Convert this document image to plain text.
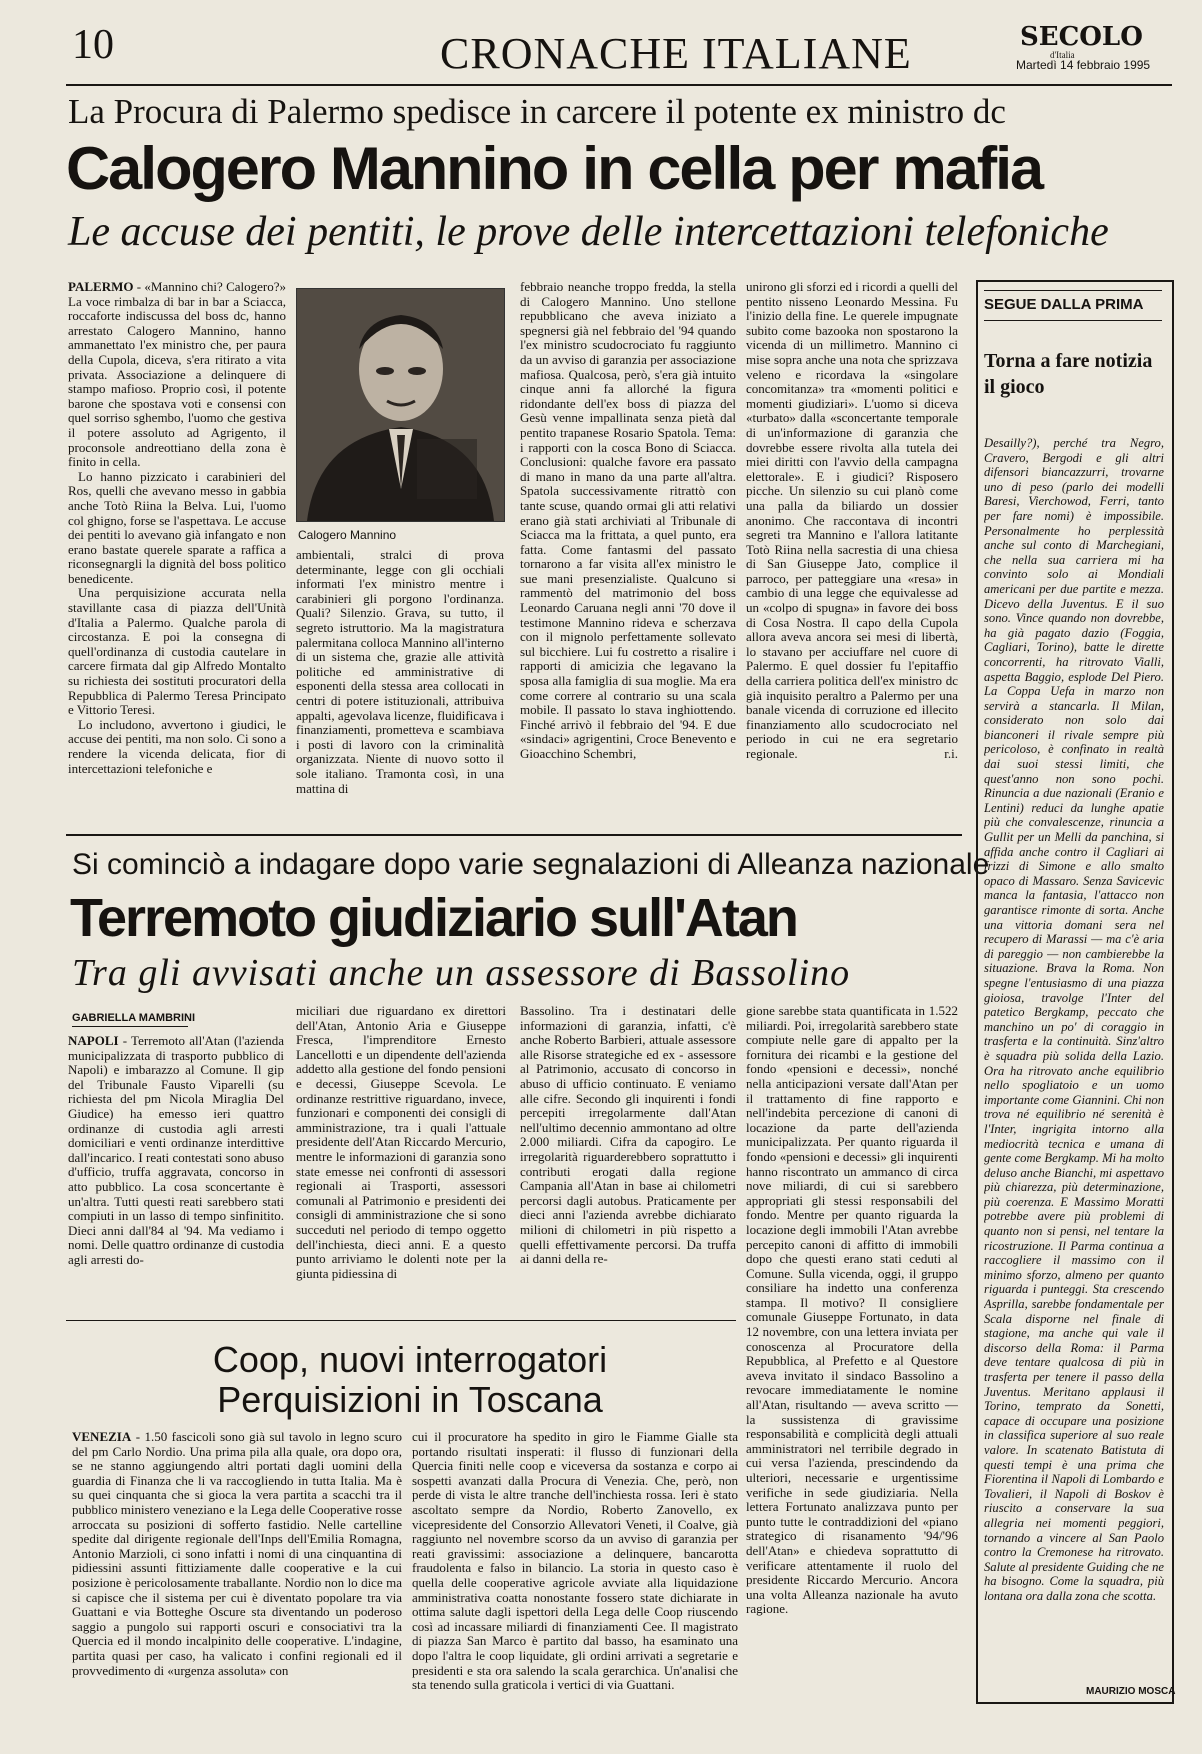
10	CRONACHE ITALIANE	SECOLO
d'Italia
Martedì 14 febbraio 1995
La Procura di Palermo spedisce in carcere il potente ex ministro dc
Calogero Mannino in cella per mafia
Le accuse dei pentiti, le prove delle intercettazioni telefoniche
PALERMO - «Mannino chi? Calogero?» La voce rimbalza di bar in bar a Sciacca, roccaforte indiscussa del boss dc, hanno arrestato Calogero Mannino, hanno ammanettato l'ex ministro che, per paura della Cupola, diceva, s'era ritirato a vita privata. Associazione a delinquere di stampo mafioso. Proprio così, il potente barone che spostava voti e consensi con quel sorriso sghembo, l'uomo che gestiva il potere assoluto ad Agrigento, il proconsole andreottiano della zona è finito in cella.
Lo hanno pizzicato i carabinieri del Ros, quelli che avevano messo in gabbia anche Totò Riina la Belva. Lui, l'uomo col ghigno, forse se l'aspettava. Le accuse dei pentiti lo avevano già infangato e non erano bastate querele sparate a raffica a riconsegnargli la dignità del boss politico benedicente.
Una perquisizione accurata nella stavillante casa di piazza dell'Unità d'Italia a Palermo. Qualche parola di circostanza. E poi la consegna di quell'ordinanza di custodia cautelare in carcere firmata dal gip Alfredo Montalto su richiesta dei sostituti procuratori della Repubblica di Palermo Teresa Principato e Vittorio Teresi.
Lo includono, avvertono i giudici, le accuse dei pentiti, ma non solo. Ci sono a rendere la vicenda delicata, fior di intercettazioni telefoniche e
Calogero Mannino
ambientali, stralci di prova determinante, legge con gli occhiali informati l'ex ministro mentre i carabinieri gli porgono l'ordinanza. Quali? Silenzio. Grava, su tutto, il segreto istruttorio. Ma la magistratura palermitana colloca Mannino all'interno di un sistema che, grazie alle attività politiche ed amministrative di esponenti della stessa area collocati in centri di potere istituzionali, attribuiva appalti, agevolava licenze, fluidificava i finanziamenti, prometteva e scambiava i posti di lavoro con la criminalità organizzata. Niente di nuovo sotto il sole italiano. Tramonta così, in una mattina di
febbraio neanche troppo fredda, la stella di Calogero Mannino. Uno stellone repubblicano che aveva iniziato a spegnersi già nel febbraio del '94 quando l'ex ministro scudocrociato fu raggiunto da un avviso di garanzia per associazione mafiosa. Qualcosa, però, s'era già intuito cinque anni fa allorché la figura ridondante dell'ex boss di piazza del Gesù venne impallinata senza pietà dal pentito trapanese Rosario Spatola. Tema: i rapporti con la cosca Bono di Sciacca. Conclusioni: qualche favore era passato di mano in mano da una parte all'altra. Spatola successivamente ritrattò con tante scuse, quando ormai gli atti relativi erano già stati archiviati al Tribunale di Sciacca ma la frittata, a quel punto, era fatta. Come fantasmi del passato tornarono a far visita all'ex ministro le sue mani presenzialiste. Qualcuno si rammentò del matrimonio del boss Leonardo Caruana negli anni '70 dove il testimone Mannino rideva e scherzava con il mignolo perfettamente sollevato sul bicchiere. Lui fu costretto a risalire i rapporti di amicizia che legavano la sposa alla famiglia di sua moglie. Ma era come correre al contrario su una scala mobile. Il passato lo stava inghiottendo. Finché arrivò il febbraio del '94. E due «sindaci» agrigentini, Croce Benevento e Gioacchino Schembri,
unirono gli sforzi ed i ricordi a quelli del pentito nisseno Leonardo Messina. Fu l'inizio della fine. Le querele impugnate subito come bazooka non spostarono la vicenda di un millimetro. Mannino ci mise sopra anche una nota che sprizzava veleno e ricordava la «singolare concomitanza» tra «momenti politici e momenti giudiziari». L'uomo si diceva «turbato» dalla «sconcertante temporale di un'informazione di garanzia che dovrebbe essere rivolta alla tutela dei miei diritti con l'avvio della campagna elettorale». E i giudici? Risposero picche. Un silenzio su cui planò come una palla da biliardo un dossier anonimo. Che raccontava di incontri segreti tra Mannino e l'allora latitante Totò Riina nella sacrestia di una chiesa di San Giuseppe Jato, complice il parroco, per patteggiare una «resa» in cambio di una legge che equivalesse ad un «colpo di spugna» in favore dei boss di Cosa Nostra. Il capo della Cupola allora aveva ancora sei mesi di libertà, lo stavano per acciuffare nel cuore di Palermo. E quel dossier fu l'epitaffio della carriera politica dell'ex ministro dc già inquisito peraltro a Palermo per una banale vicenda di corruzione ed illecito finanziamento allo scudocrociato nel periodo in cui ne era segretario regionale.	r.i.
SEGUE DALLA PRIMA
Torna a fare notizia il gioco
Desailly?), perché tra Negro, Cravero, Bergodi e gli altri difensori biancazzurri, trovarne uno di peso (parlo dei modelli Baresi, Vierchowod, Ferri, tanto per fare nomi) è impossibile. Personalmente ho perplessità anche sul conto di Marchegiani, che nella sua carriera mi ha convinto solo ai Mondiali americani per due partite e mezza. Dicevo della Juventus. E il suo sono. Vince quando non dovrebbe, ha già pagato dazio (Foggia, Cagliari, Torino), batte le dirette concorrenti, ha ritrovato Vialli, aspetta Baggio, esplode Del Piero. La Coppa Uefa in marzo non servirà a stancarla. Il Milan, considerato non solo dai bianconeri il rivale sempre più pericoloso, è confinato in realtà dai suoi stessi limiti, che quest'anno non sono pochi. Rinuncia a due nazionali (Eranio e Lentini) reduci da lunghe apatie più che convalescenze, rinuncia a Gullit per un Melli da panchina, si affida anche contro il Cagliari ai frizzi di Simone e allo smalto opaco di Massaro. Senza Savicevic manca la fantasia, l'attacco non garantisce rimonte di sorta. Anche una vittoria domani sera nel recupero di Marassi — ma c'è aria di pareggio — non cambierebbe la situazione. Brava la Roma. Non spegne l'entusiasmo di una piazza gioiosa, travolge l'Inter del patetico Bergkamp, peccato che manchino un po' di coraggio in trasferta e la continuità. Sinz'altro è squadra più solida della Lazio. Ora ha ritrovato anche equilibrio nello spogliatoio e un uomo importante come Giannini. Chi non trova né equilibrio né serenità è l'Inter, ingrigita intorno alla mediocrità tecnica e umana di gente come Bergkamp. Mi ha molto deluso anche Bianchi, mi aspettavo più chiarezza, più determinazione, più coerenza. E Massimo Moratti potrebbe avere più problemi di quanto non si pensi, nel tentare la ricostruzione. Il Parma continua a raccogliere il massimo con il minimo sforzo, almeno per quanto riguarda i punteggi. Sta crescendo Asprilla, sarebbe fondamentale per Scala disporne nel finale di stagione, ma anche qui vale il discorso della Roma: il Parma deve tentare qualcosa di più in trasferta per tenere il passo della Juventus. Meritano applausi il Torino, temprato da Sonetti, capace di occupare una posizione in classifica superiore al suo reale valore. In scatenato Batistuta di questi tempi è una prima che Fiorentina il Napoli di Lombardo e Tovalieri, il Napoli di Boskov è riuscito a conservare la sua allegria nei momenti peggiori, tornando a vincere al San Paolo contro la Cremonese ha ritrovato. Salute al presidente Guiding che ne ha bisogno. Come la squadra, più lontana ora dalla zona che scotta.
MAURIZIO MOSCA
Si cominciò a indagare dopo varie segnalazioni di Alleanza nazionale
Terremoto giudiziario sull'Atan
Tra gli avvisati anche un assessore di Bassolino
GABRIELLA MAMBRINI
NAPOLI - Terremoto all'Atan (l'azienda municipalizzata di trasporto pubblico di Napoli) e imbarazzo al Comune. Il gip del Tribunale Fausto Viparelli (su richiesta del pm Nicola Miraglia Del Giudice) ha emesso ieri quattro ordinanze di custodia agli arresti domiciliari e venti ordinanze interdittive dall'incarico. I reati contestati sono abuso d'ufficio, truffa aggravata, concorso in atto pubblico. La cosa sconcertante è un'altra. Tutti questi reati sarebbero stati compiuti in un lasso di tempo sinfinitito. Dieci anni dall'84 al '94. Ma vediamo i nomi. Delle quattro ordinanze di custodia agli arresti do-
miciliari due riguardano ex direttori dell'Atan, Antonio Aria e Giuseppe Fresca, l'imprenditore Ernesto Lancellotti e un dipendente dell'azienda addetto alla gestione del fondo pensioni e decessi, Giuseppe Scevola. Le ordinanze restrittive riguardano, invece, funzionari e componenti dei consigli di amministrazione, tra i quali l'attuale presidente dell'Atan Riccardo Mercurio, mentre le informazioni di garanzia sono state emesse nei confronti di assessori regionali ai Trasporti, assessori comunali al Patrimonio e presidenti dei consigli di amministrazione che si sono succeduti nel periodo di tempo oggetto dell'inchiesta, dieci anni. E a questo punto arriviamo le dolenti note per la giunta pidiessina di
Bassolino. Tra i destinatari delle informazioni di garanzia, infatti, c'è anche Roberto Barbieri, attuale assessore alle Risorse strategiche ed ex - assessore al Patrimonio, accusato di concorso in abuso di ufficio continuato. E veniamo alle cifre. Secondo gli inquirenti i fondi percepiti irregolarmente dall'Atan nell'ultimo decennio ammontano ad oltre 2.000 miliardi. Cifra da capogiro. Le irregolarità riguarderebbero soprattutto i contributi erogati dalla regione Campania all'Atan in base ai chilometri percorsi dagli autobus. Praticamente per dieci anni l'azienda avrebbe dichiarato milioni di chilometri in più rispetto a quelli effettivamente percorsi. Da truffa ai danni della re-
gione sarebbe stata quantificata in 1.522 miliardi. Poi, irregolarità sarebbero state compiute nelle gare di appalto per la fornitura dei ricambi e la gestione del fondo «pensioni e decessi», nonché nella anticipazioni versate dall'Atan per il trattamento di fine rapporto e nell'indebita percezione di canoni di locazione da parte dell'azienda municipalizzata. Per quanto riguarda il fondo «pensioni e decessi» gli inquirenti hanno riscontrato un ammanco di circa nove miliardi, di cui si sarebbero appropriati gli stessi responsabili del fondo. Mentre per quanto riguarda la locazione degli immobili l'Atan avrebbe percepito canoni di affitto di immobili dopo che questi erano stati ceduti al Comune. Sulla vicenda, oggi, il gruppo consiliare ha indetto una conferenza stampa. Il motivo? Il consigliere comunale Giuseppe Fortunato, in data 12 novembre, con una lettera inviata per conoscenza al Procuratore della Repubblica, al Prefetto e al Questore aveva invitato il sindaco Bassolino a revocare immediatamente le nomine all'Atan, risultando — aveva scritto — la sussistenza di gravissime responsabilità e complicità degli attuali amministratori nel terribile degrado in cui versa l'azienda, prescindendo da ulteriori, necessarie e urgentissime verifiche in sede giudiziaria. Nella lettera Fortunato analizzava punto per punto tutte le contraddizioni del «piano strategico di risanamento '94/'96 dell'Atan» e chiedeva soprattutto di verificare attentamente il ruolo del presidente Riccardo Mercurio. Ancora una volta Alleanza nazionale ha avuto ragione.
Coop, nuovi interrogatori
Perquisizioni in Toscana
VENEZIA - 1.50 fascicoli sono già sul tavolo in legno scuro del pm Carlo Nordio. Una prima pila alla quale, ora dopo ora, se ne stanno aggiungendo altri portati dagli uomini della guardia di Finanza che li va raccogliendo in tutta Italia. Ma è su quei cinquanta che si gioca la vera partita a scacchi tra il pubblico ministero veneziano e la Lega delle Cooperative rosse arroccata su posizioni di sofferto fastidio. Nelle cartelline spedite dal dirigente regionale dell'Inps dell'Emilia Romagna, Antonio Marzioli, ci sono infatti i nomi di una cinquantina di pidiessini assunti fittiziamente dalle cooperative e la cui posizione è pericolosamente traballante. Nordio non lo dice ma si capisce che il sistema per cui è diventato popolare tra via Guattani e via Botteghe Oscure sta diventando un poderoso saggio a pungolo sui rapporti oscuri e consociativi tra la Quercia ed il mondo incalpinito delle cooperative. L'indagine, partita quasi per caso, ha valicato i confini regionali ed il provvedimento di «urgenza assoluta» con
cui il procuratore ha spedito in giro le Fiamme Gialle sta portando risultati insperati: il flusso di funzionari della Quercia finiti nelle coop e viceversa da sostanza e corpo ai sospetti avanzati dalla Procura di Venezia. Che, però, non perde di vista le altre tranche dell'inchiesta rossa. Ieri è stato ascoltato sempre da Nordio, Roberto Zanovello, ex vicepresidente del Consorzio Allevatori Veneti, il Coalve, già raggiunto nel novembre scorso da un avviso di garanzia per reati gravissimi: associazione a delinquere, bancarotta fraudolenta e falso in bilancio. La storia in questo caso è quella delle cooperative agricole avviate alla liquidazione amministrativa coatta nonostante fossero state dichiarate in ottima salute dagli ispettori della Lega delle Coop riuscendo così ad incassare miliardi di finanziamenti Cee. Il magistrato di piazza San Marco è partito dal basso, ha esaminato una dopo l'altra le coop liquidate, gli ordini arrivati a segretarie e presidenti e sta ora salendo la scala gerarchica. Un'analisi che sta tenendo sulla graticola i vertici di via Guattani.
